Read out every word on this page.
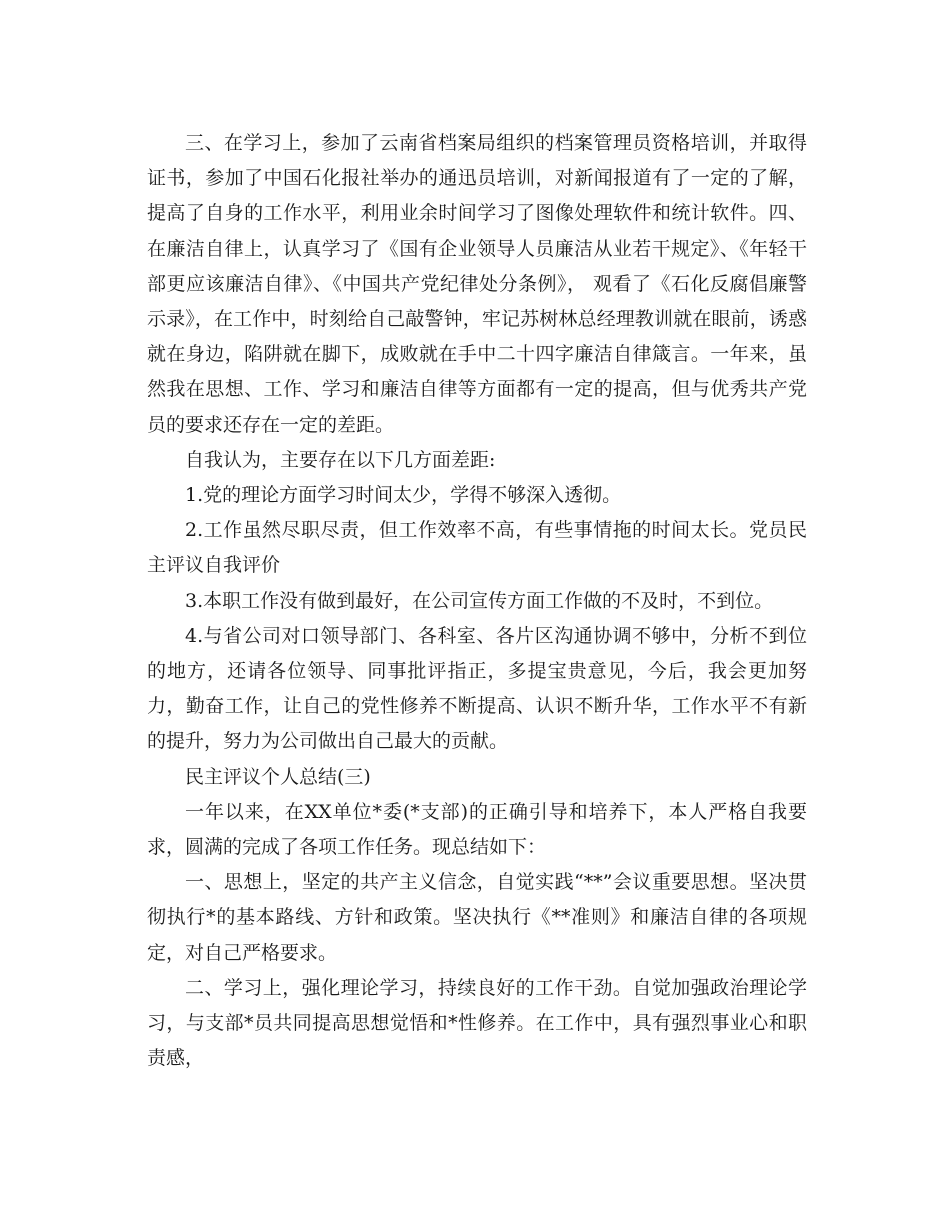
三、在学习上，参加了云南省档案局组织的档案管理员资格培训，并取得证书，参加了中国石化报社举办的通迅员培训，对新闻报道有了一定的了解，提高了自身的工作水平，利用业余时间学习了图像处理软件和统计软件。四、在廉洁自律上，认真学习了《国有企业领导人员廉洁从业若干规定》、《年轻干部更应该廉洁自律》、《中国共产党纪律处分条例》， 观看了《石化反腐倡廉警示录》，在工作中，时刻给自己敲警钟，牢记苏树林总经理教训就在眼前，诱惑就在身边，陷阱就在脚下，成败就在手中二十四字廉洁自律箴言。一年来，虽然我在思想、工作、学习和廉洁自律等方面都有一定的提高，但与优秀共产党员的要求还存在一定的差距。

自我认为，主要存在以下几方面差距:

1.党的理论方面学习时间太少，学得不够深入透彻。

2.工作虽然尽职尽责，但工作效率不高，有些事情拖的时间太长。党员民主评议自我评价

3.本职工作没有做到最好，在公司宣传方面工作做的不及时，不到位。

4.与省公司对口领导部门、各科室、各片区沟通协调不够中，分析不到位的地方，还请各位领导、同事批评指正，多提宝贵意见，今后，我会更加努力，勤奋工作，让自己的党性修养不断提高、认识不断升华，工作水平不有新的提升，努力为公司做出自己最大的贡献。

民主评议个人总结(三)

一年以来，在XX单位*委(*支部)的正确引导和培养下，本人严格自我要求，圆满的完成了各项工作任务。现总结如下：

一、思想上，坚定的共产主义信念，自觉实践“**”会议重要思想。坚决贯彻执行*的基本路线、方针和政策。坚决执行《**准则》和廉洁自律的各项规定，对自己严格要求。

二、学习上，强化理论学习，持续良好的工作干劲。自觉加强政治理论学习，与支部*员共同提高思想觉悟和*性修养。在工作中，具有强烈事业心和职责感，
